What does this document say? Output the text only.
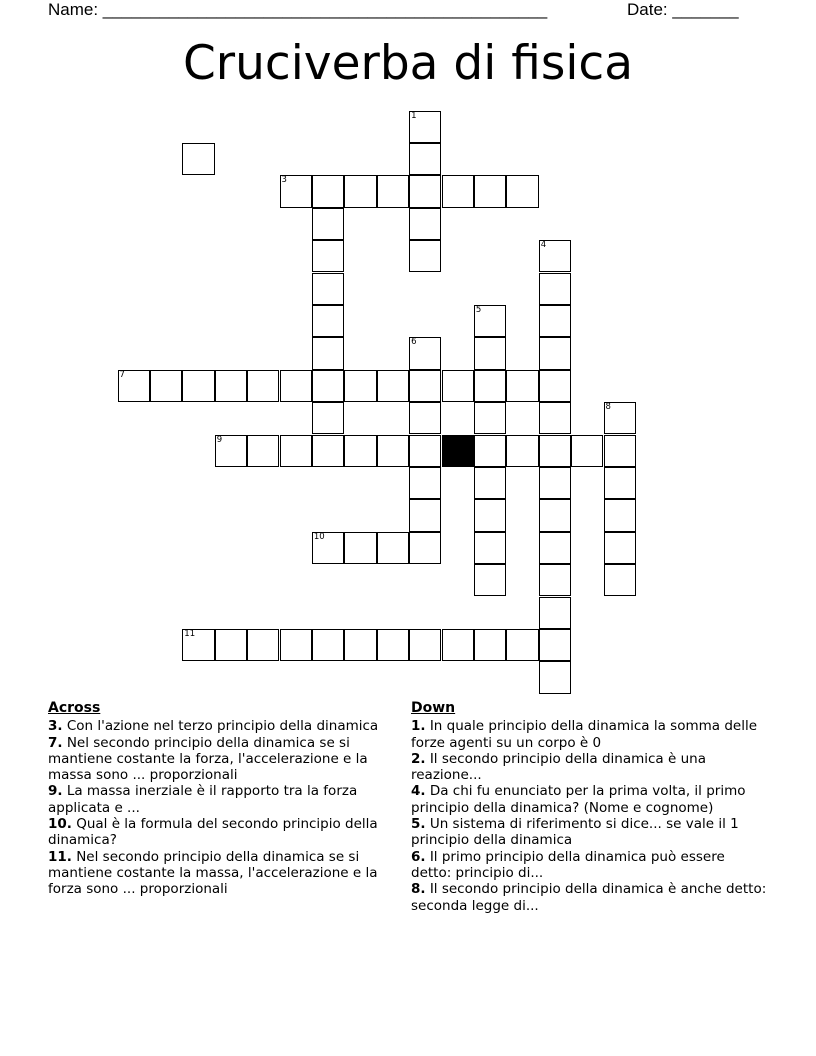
Name: _______________________________________________	Date: _______
Cruciverba di fisica
1
3
4
5
6
7
8
9
10
11
Across
3. Con l'azione nel terzo principio della dinamica
7. Nel secondo principio della dinamica se si mantiene costante la forza, l'accelerazione e la massa sono ... proporzionali
9. La massa inerziale è il rapporto tra la forza applicata e ...
10. Qual è la formula del secondo principio della dinamica?
11. Nel secondo principio della dinamica se si mantiene costante la massa, l'accelerazione e la forza sono ... proporzionali
Down
1. In quale principio della dinamica la somma delle forze agenti su un corpo è 0
2. Il secondo principio della dinamica è una reazione...
4. Da chi fu enunciato per la prima volta, il primo principio della dinamica? (Nome e cognome)
5. Un sistema di riferimento si dice... se vale il 1 principio della dinamica
6. Il primo principio della dinamica può essere detto: principio di...
8. Il secondo principio della dinamica è anche detto: seconda legge di...
